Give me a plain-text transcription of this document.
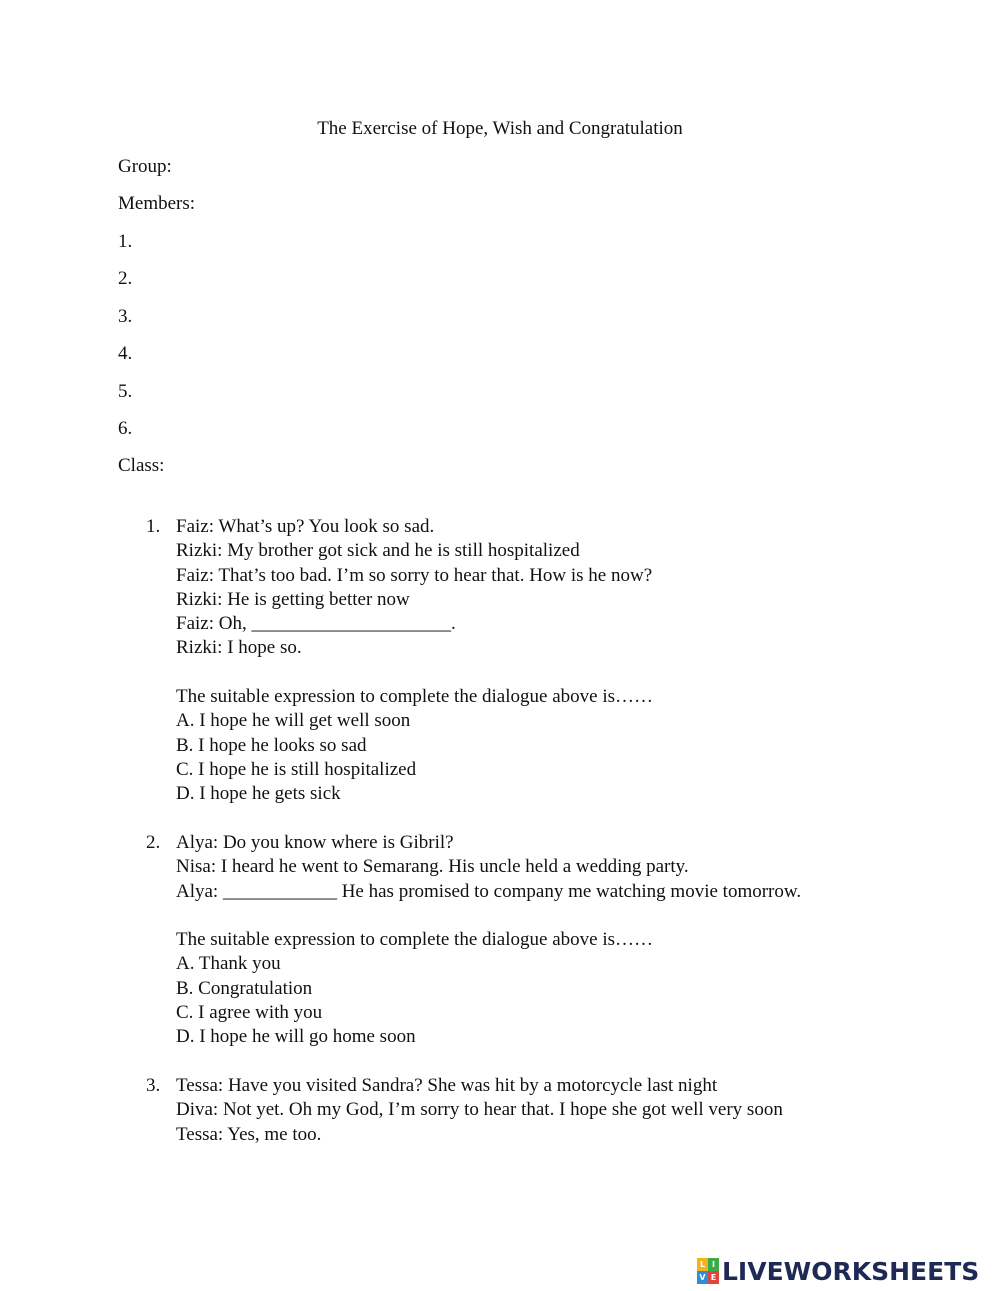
The Exercise of Hope, Wish and Congratulation
Group:
Members:
1.
2.
3.
4.
5.
6.
Class:
1. Faiz: What’s up? You look so sad.
Rizki: My brother got sick and he is still hospitalized
Faiz: That’s too bad. I’m so sorry to hear that. How is he now?
Rizki: He is getting better now
Faiz: Oh, _____________________.
Rizki: I hope so.
The suitable expression to complete the dialogue above is……
A. I hope he will get well soon
B. I hope he looks so sad
C. I hope he is still hospitalized
D. I hope he gets sick
2. Alya: Do you know where is Gibril?
Nisa: I heard he went to Semarang. His uncle held a wedding party.
Alya: ____________ He has promised to company me watching movie tomorrow.
The suitable expression to complete the dialogue above is……
A. Thank you
B. Congratulation
C. I agree with you
D. I hope he will go home soon
3. Tessa: Have you visited Sandra? She was hit by a motorcycle last night
Diva: Not yet. Oh my God, I’m sorry to hear that. I hope she got well very soon
Tessa: Yes, me too.
L I
V E LIVEWORKSHEETS
